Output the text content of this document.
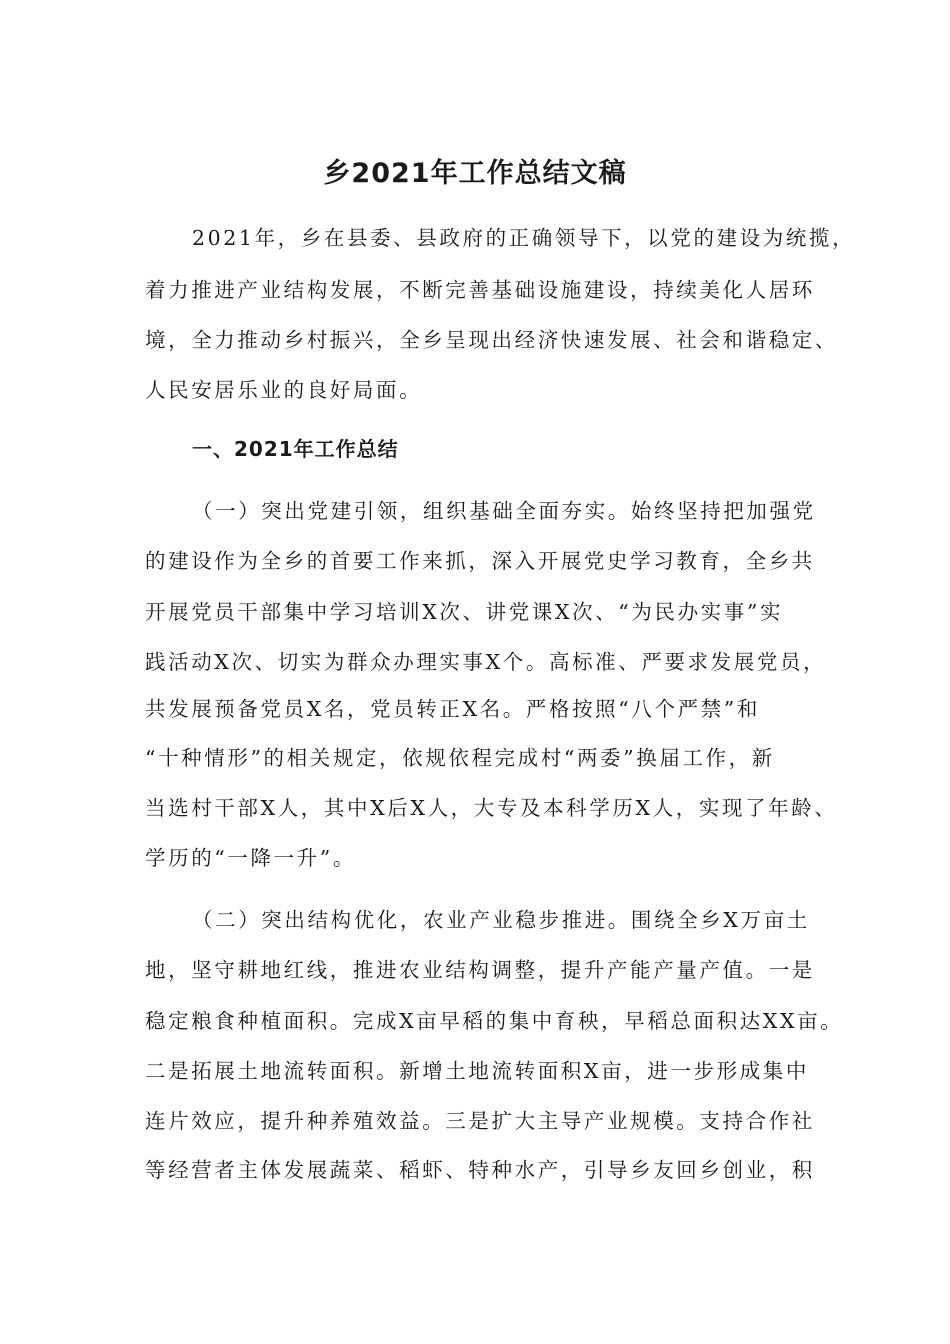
乡2021年工作总结文稿
2021年，乡在县委、县政府的正确领导下，以党的建设为统揽，
着力推进产业结构发展，不断完善基础设施建设，持续美化人居环
境，全力推动乡村振兴，全乡呈现出经济快速发展、社会和谐稳定、
人民安居乐业的良好局面。
一、2021年工作总结
（一）突出党建引领，组织基础全面夯实。始终坚持把加强党
的建设作为全乡的首要工作来抓，深入开展党史学习教育，全乡共
开展党员干部集中学习培训X次、讲党课X次、“为民办实事”实
践活动X次、切实为群众办理实事X个。高标准、严要求发展党员，
共发展预备党员X名，党员转正X名。严格按照“八个严禁”和
“十种情形”的相关规定，依规依程完成村“两委”换届工作，新
当选村干部X人，其中X后X人，大专及本科学历X人，实现了年龄、
学历的“一降一升”。
（二）突出结构优化，农业产业稳步推进。围绕全乡X万亩土
地，坚守耕地红线，推进农业结构调整，提升产能产量产值。一是
稳定粮食种植面积。完成X亩早稻的集中育秧，早稻总面积达XX亩。
二是拓展土地流转面积。新增土地流转面积X亩，进一步形成集中
连片效应，提升种养殖效益。三是扩大主导产业规模。支持合作社
等经营者主体发展蔬菜、稻虾、特种水产，引导乡友回乡创业，积
